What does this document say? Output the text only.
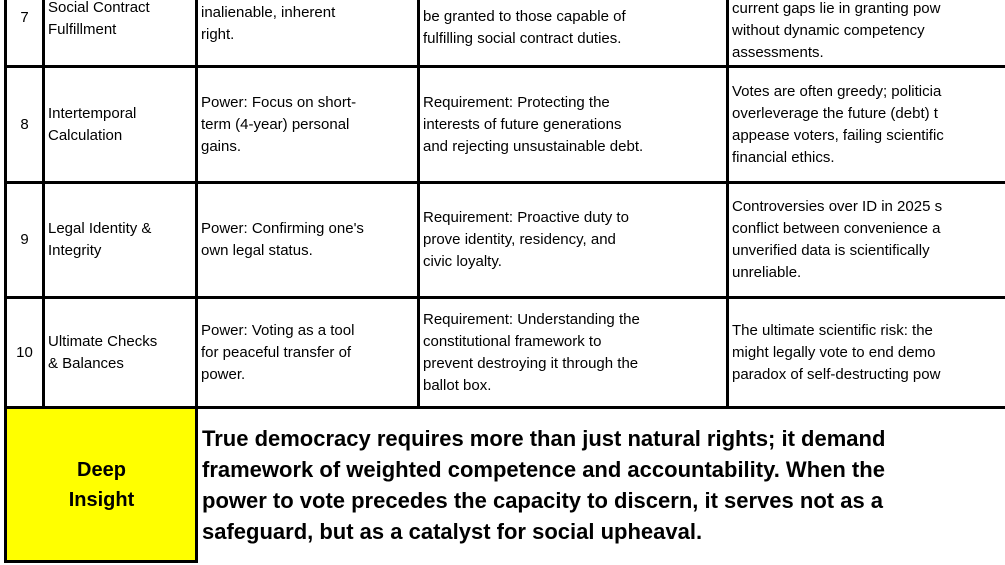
7
Social Contract
Fulfillment
inalienable, inherent
right.
be granted to those capable of
fulfilling social contract duties.
current gaps lie in granting pow
without dynamic competency
assessments.
8
Intertemporal
Calculation
Power: Focus on short-
term (4-year) personal
gains.
Requirement: Protecting the
interests of future generations
and rejecting unsustainable debt.
Votes are often greedy; politicia
overleverage the future (debt) t
appease voters, failing scientific
financial ethics.
9
Legal Identity &
Integrity
Power: Confirming one's
own legal status.
Requirement: Proactive duty to
prove identity, residency, and
civic loyalty.
Controversies over ID in 2025 s
conflict between convenience a
unverified data is scientifically
unreliable.
10
Ultimate Checks
& Balances
Power: Voting as a tool
for peaceful transfer of
power.
Requirement: Understanding the
constitutional framework to
prevent destroying it through the
ballot box.
The ultimate scientific risk: the
might legally vote to end demo
paradox of self-destructing pow
Deep
Insight
True democracy requires more than just natural rights; it demand
framework of weighted competence and accountability. When the
power to vote precedes the capacity to discern, it serves not as a
safeguard, but as a catalyst for social upheaval.
